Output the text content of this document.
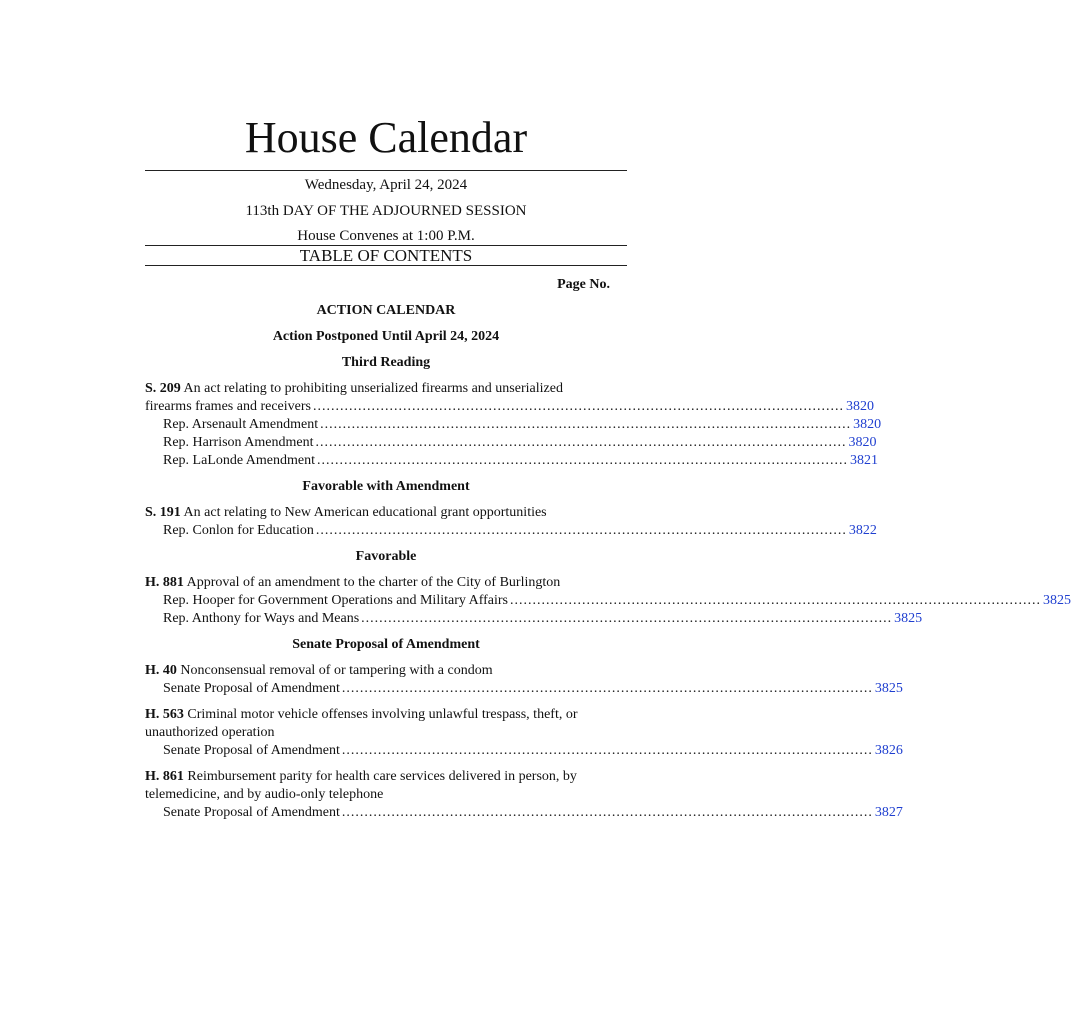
House Calendar
Wednesday, April 24, 2024
113th DAY OF THE ADJOURNED SESSION
House Convenes at 1:00 P.M.
TABLE OF CONTENTS
Page No.
ACTION CALENDAR
Action Postponed Until April 24, 2024
Third Reading
S. 209 An act relating to prohibiting unserialized firearms and unserialized
firearms frames and receivers ...................................................................................................................... 3820
Rep. Arsenault Amendment ...................................................................................................................... 3820
Rep. Harrison Amendment ...................................................................................................................... 3820
Rep. LaLonde Amendment ...................................................................................................................... 3821
Favorable with Amendment
S. 191 An act relating to New American educational grant opportunities
Rep. Conlon for Education ...................................................................................................................... 3822
Favorable
H. 881 Approval of an amendment to the charter of the City of Burlington
Rep. Hooper for Government Operations and Military Affairs ...................................................................................................................... 3825
Rep. Anthony for Ways and Means ...................................................................................................................... 3825
Senate Proposal of Amendment
H. 40 Nonconsensual removal of or tampering with a condom
Senate Proposal of Amendment ...................................................................................................................... 3825
H. 563 Criminal motor vehicle offenses involving unlawful trespass, theft, or
unauthorized operation
Senate Proposal of Amendment ...................................................................................................................... 3826
H. 861 Reimbursement parity for health care services delivered in person, by
telemedicine, and by audio-only telephone
Senate Proposal of Amendment ...................................................................................................................... 3827
